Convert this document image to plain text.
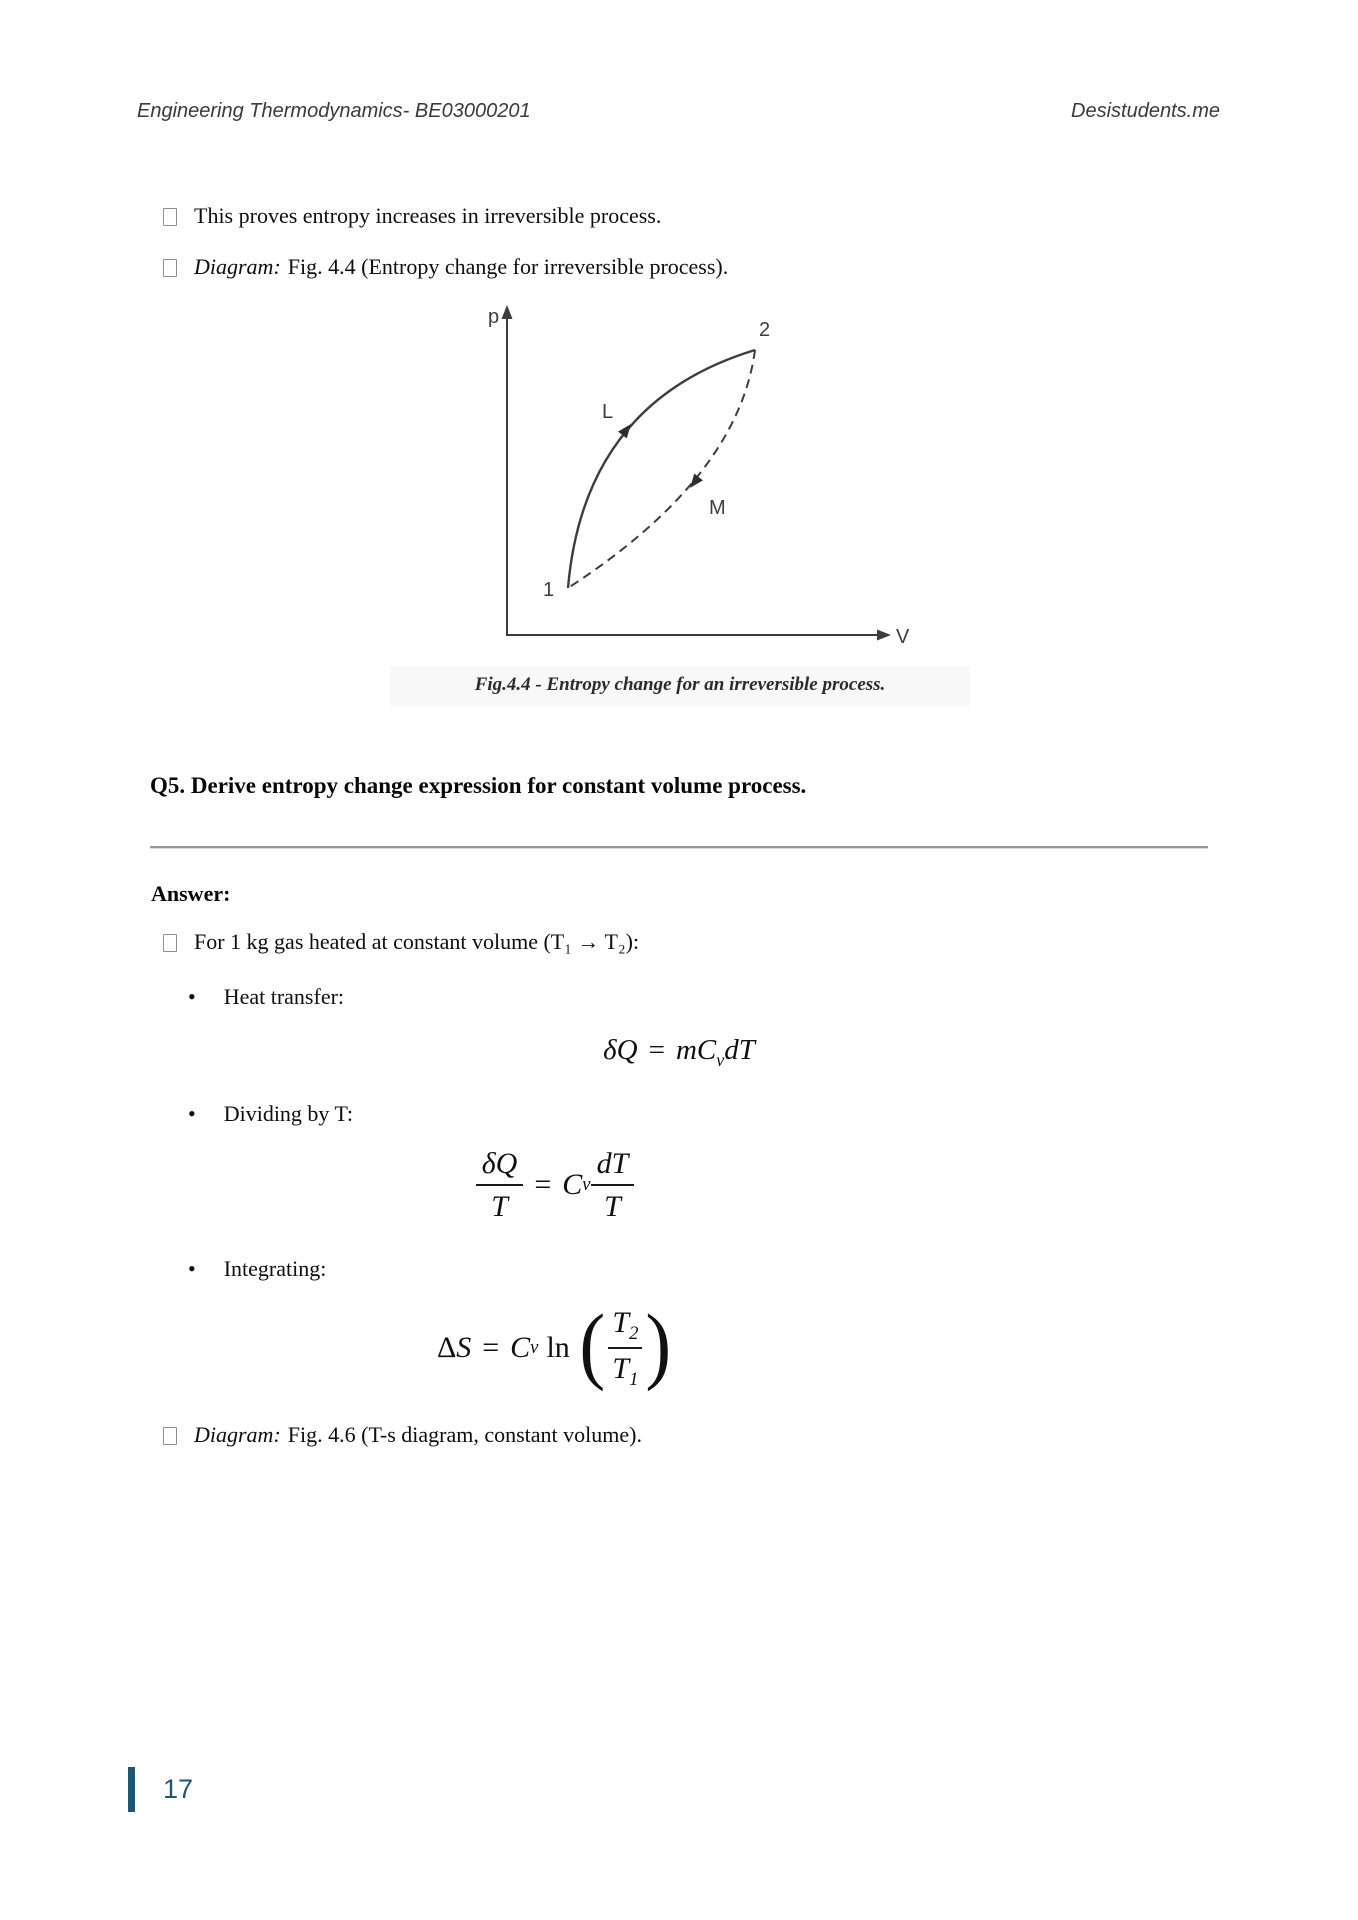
Engineering Thermodynamics- BE03000201	Desistudents.me
This proves entropy increases in irreversible process.
Diagram: Fig. 4.4 (Entropy change for irreversible process).
p
V
L
M
1
2
Fig.4.4 - Entropy change for an irreversible process.
Q5. Derive entropy change expression for constant volume process.
Answer:
For 1 kg gas heated at constant volume (T₁ → T₂):
• Heat transfer:
$\delta Q = mC_vdT$
• Dividing by T:
$\frac{\delta Q}{T} = C$ v $\frac{dT}{T}$
• Integrating:
Δ S = C v ln ( $\frac{T_2}{T_1}$ )
Diagram: Fig. 4.6 (T-s diagram, constant volume).
17
